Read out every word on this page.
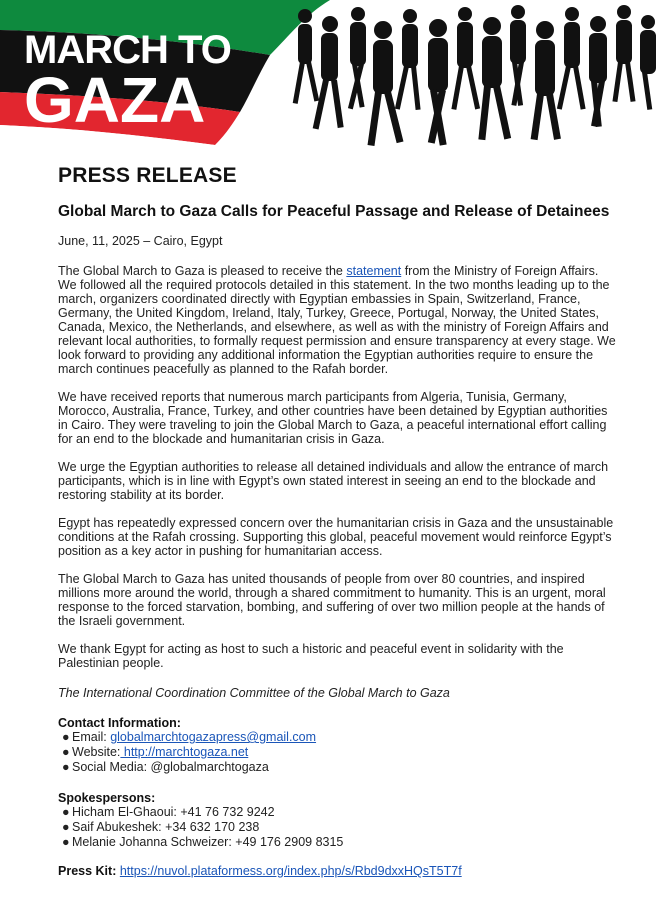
MARCH TO
GAZA
PRESS RELEASE
Global March to Gaza Calls for Peaceful Passage and Release of Detainees
June, 11, 2025 – Cairo, Egypt

The Global March to Gaza is pleased to receive the statement from the Ministry of Foreign Affairs. We followed all the required protocols detailed in this statement. In the two months leading up to the march, organizers coordinated directly with Egyptian embassies in Spain, Switzerland, France, Germany, the United Kingdom, Ireland, Italy, Turkey, Greece, Portugal, Norway, the United States, Canada, Mexico, the Netherlands, and elsewhere, as well as with the ministry of Foreign Affairs and relevant local authorities, to formally request permission and ensure transparency at every stage. We look forward to providing any additional information the Egyptian authorities require to ensure the march continues peacefully as planned to the Rafah border.

We have received reports that numerous march participants from Algeria, Tunisia, Germany, Morocco, Australia, France, Turkey, and other countries have been detained by Egyptian authorities in Cairo. They were traveling to join the Global March to Gaza, a peaceful international effort calling for an end to the blockade and humanitarian crisis in Gaza.

We urge the Egyptian authorities to release all detained individuals and allow the entrance of march participants, which is in line with Egypt’s own stated interest in seeing an end to the blockade and restoring stability at its border.

Egypt has repeatedly expressed concern over the humanitarian crisis in Gaza and the unsustainable conditions at the Rafah crossing. Supporting this global, peaceful movement would reinforce Egypt’s position as a key actor in pushing for humanitarian access.

The Global March to Gaza has united thousands of people from over 80 countries, and inspired millions more around the world, through a shared commitment to humanity. This is an urgent, moral response to the forced starvation, bombing, and suffering of over two million people at the hands of the Israeli government.

We thank Egypt for acting as host to such a historic and peaceful event in solidarity with the Palestinian people.

The International Coordination Committee of the Global March to Gaza
Contact Information:
● Email: globalmarchtogazapress@gmail.com
● Website: http://marchtogaza.net
● Social Media: @globalmarchtogaza
Spokespersons:
● Hicham El-Ghaoui: +41 76 732 9242
● Saif Abukeshek: +34 632 170 238
● Melanie Johanna Schweizer: +49 176 2909 8315
Press Kit: https://nuvol.plataformess.org/index.php/s/Rbd9dxxHQsT5T7f
